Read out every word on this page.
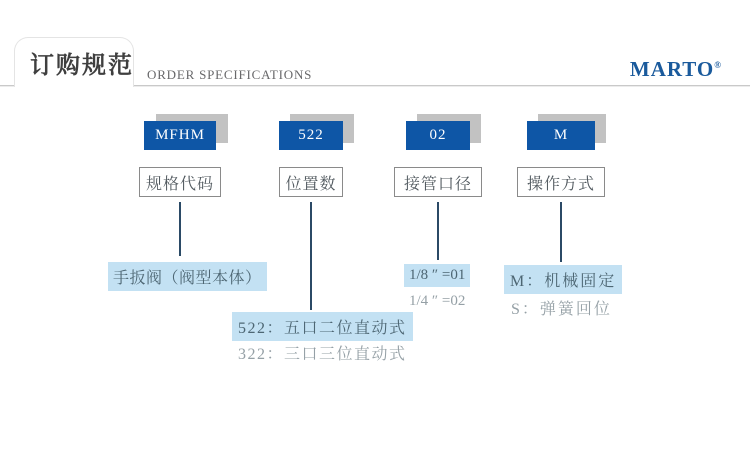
订购规范 ORDER SPECIFICATIONS	MARTO®
MFHM	522	02	M
规格代码	位置数	接管口径	操作方式
手扳阀（阀型本体）
522：五口二位直动式
322：三口三位直动式
1/8 ″ =01
1/4 ″ =02
M：机械固定
S：弹簧回位
